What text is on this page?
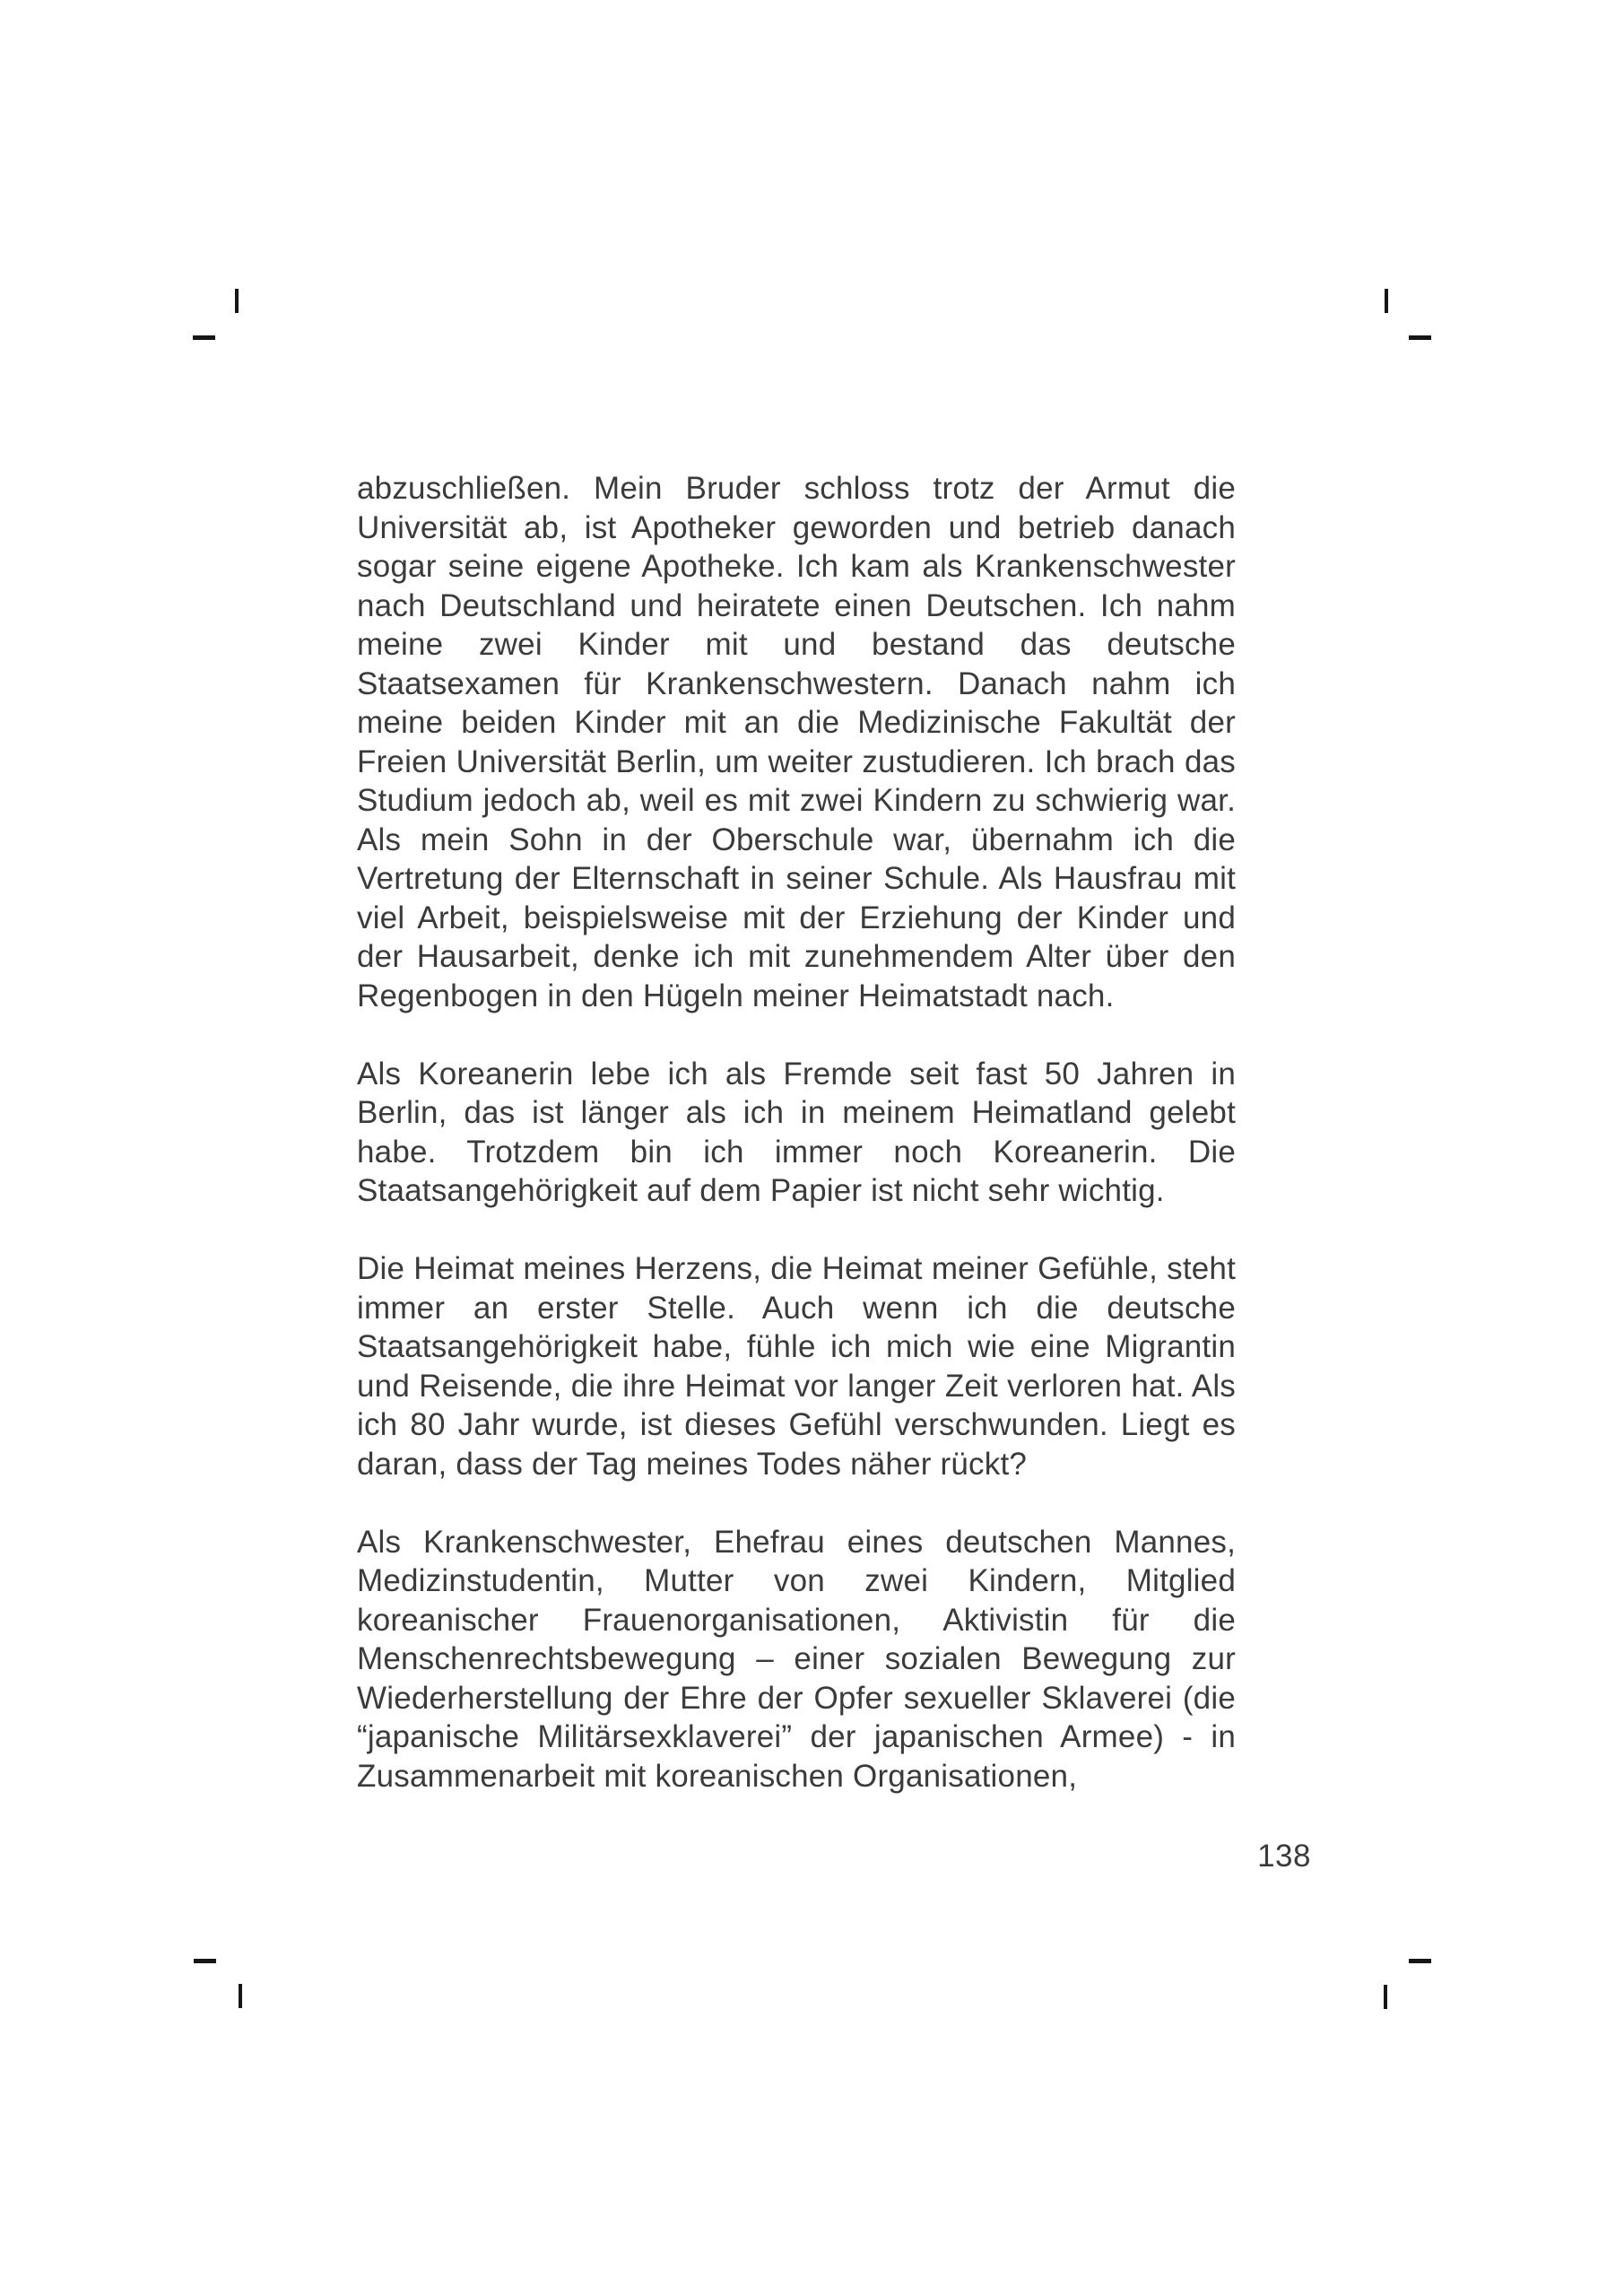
abzuschließen. Mein Bruder schloss trotz der Armut die Universität ab, ist Apotheker geworden und betrieb danach sogar seine eigene Apotheke. Ich kam als Krankenschwester nach Deutschland und heiratete einen Deutschen. Ich nahm meine zwei Kinder mit und bestand das deutsche Staatsexamen für Krankenschwestern. Danach nahm ich meine beiden Kinder mit an die Medizinische Fakultät der Freien Universität Berlin, um weiter zustudieren. Ich brach das Studium jedoch ab, weil es mit zwei Kindern zu schwierig war. Als mein Sohn in der Oberschule war, übernahm ich die Vertretung der Elternschaft in seiner Schule. Als Hausfrau mit viel Arbeit, beispielsweise mit der Erziehung der Kinder und der Hausarbeit, denke ich mit zunehmendem Alter über den Regenbogen in den Hügeln meiner Heimatstadt nach.

Als Koreanerin lebe ich als Fremde seit fast 50 Jahren in Berlin, das ist länger als ich in meinem Heimatland gelebt habe. Trotzdem bin ich immer noch Koreanerin. Die Staatsangehörigkeit auf dem Papier ist nicht sehr wichtig.

Die Heimat meines Herzens, die Heimat meiner Gefühle, steht immer an erster Stelle. Auch wenn ich die deutsche Staatsangehörigkeit habe, fühle ich mich wie eine Migrantin und Reisende, die ihre Heimat vor langer Zeit verloren hat. Als ich 80 Jahr wurde, ist dieses Gefühl verschwunden. Liegt es daran, dass der Tag meines Todes näher rückt?

Als Krankenschwester, Ehefrau eines deutschen Mannes, Medizinstudentin, Mutter von zwei Kindern, Mitglied koreanischer Frauenorganisationen, Aktivistin für die Menschenrechtsbewegung – einer sozialen Bewegung zur Wiederherstellung der Ehre der Opfer sexueller Sklaverei (die “japanische Militärsexklaverei” der japanischen Armee) - in Zusammenarbeit mit koreanischen Organisationen,

138
